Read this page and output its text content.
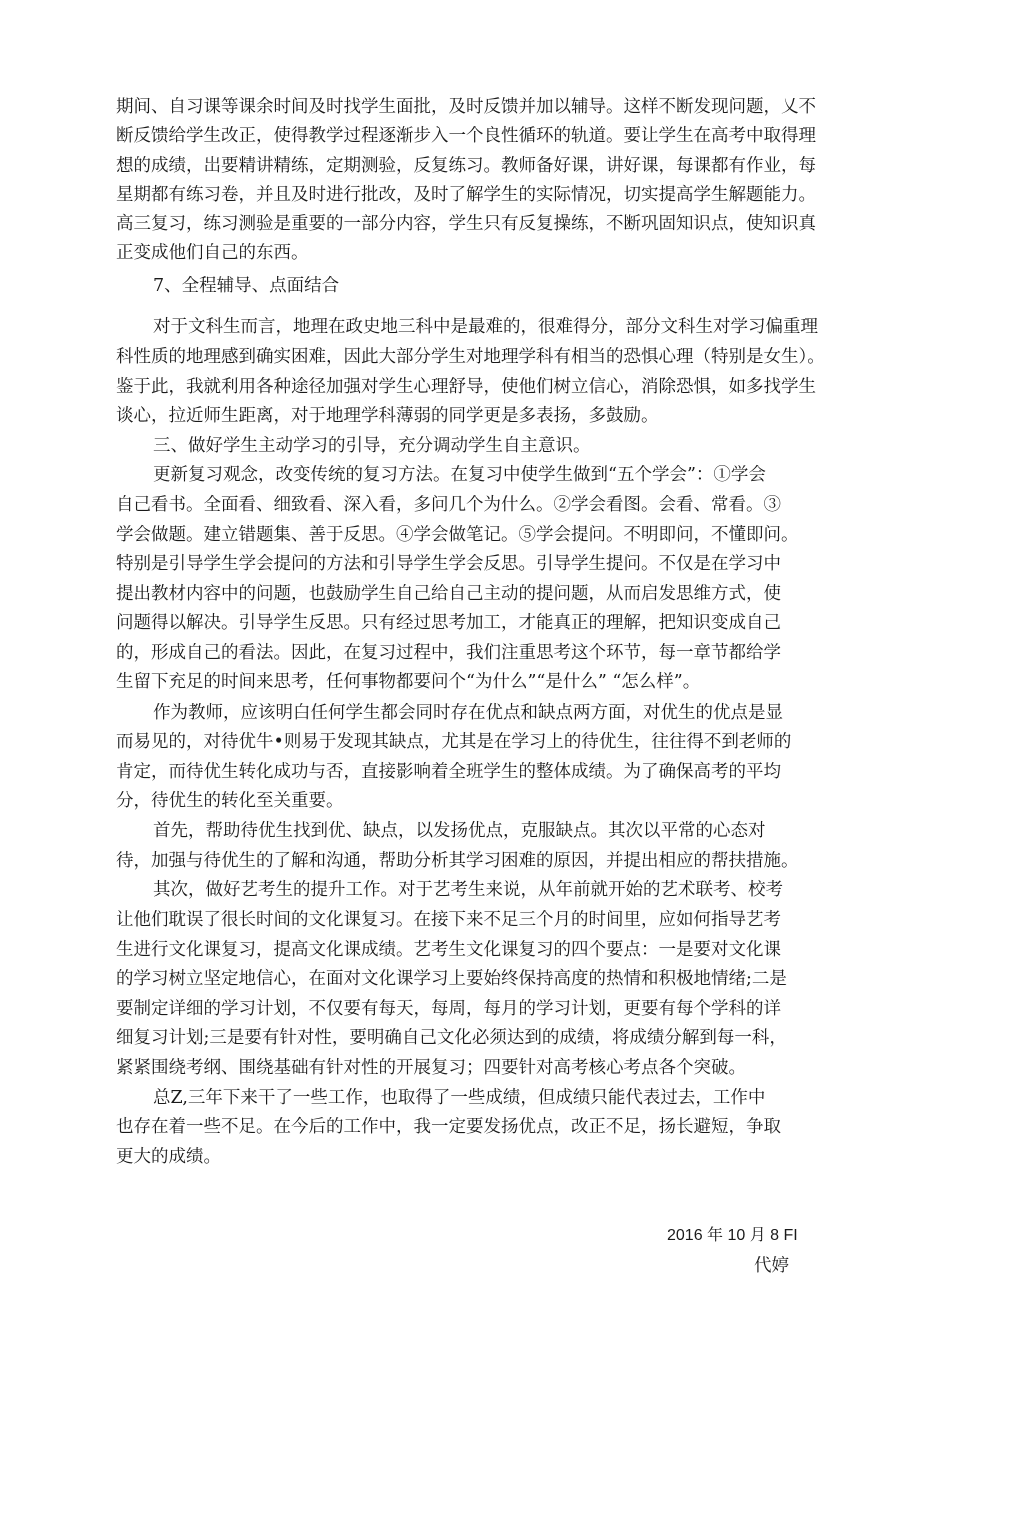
期间、自习课等课余时间及时找学生面批，及时反馈并加以辅导。这样不断发现问题，乂不
断反馈给学生改正，使得教学过程逐渐步入一个良性循环的轨道。要让学生在高考中取得理
想的成绩，岀要精讲精练，定期测验，反复练习。教师备好课，讲好课，每课都有作业，每
星期都有练习卷，并且及时进行批改，及时了解学生的实际情况，切实提高学生解题能力。
高三复习，练习测验是重要的一部分内容，学生只有反复操练，不断巩固知识点，使知识真
正变成他们自己的东西。
7、全程辅导、点面结合
对于文科生而言，地理在政史地三科中是最难的，很难得分，部分文科生对学习偏重理
科性质的地理感到确实困难，因此大部分学生对地理学科有相当的恐惧心理（特别是女生）。
鉴于此，我就利用各种途径加强对学生心理舒导，使他们树立信心，消除恐惧，如多找学生
谈心，拉近师生距离，对于地理学科薄弱的同学更是多表扬，多鼓励。
三、做好学生主动学习的引导，充分调动学生自主意识。
更新复习观念，改变传统的复习方法。在复习中使学生做到“五个学会”：①学会
自己看书。全面看、细致看、深入看，多问几个为什么。②学会看图。会看、常看。③
学会做题。建立错题集、善于反思。④学会做笔记。⑤学会提问。不明即问，不懂即问。
特别是引导学生学会提问的方法和引导学生学会反思。引导学生提问。不仅是在学习中
提出教材内容中的问题，也鼓励学生自己给自己主动的提问题，从而启发思维方式，使
问题得以解决。引导学生反思。只有经过思考加工，才能真正的理解，把知识变成自己
的，形成自己的看法。因此，在复习过程中，我们注重思考这个环节，每一章节都给学
生留下充足的时间来思考，任何事物都要问个“为什么”“是什么” “怎么样”。
作为教师，应该明白任何学生都会同时存在优点和缺点两方面，对优生的优点是显
而易见的，对待优牛•则易于发现其缺点，尤其是在学习上的待优生，往往得不到老师的
肯定，而待优生转化成功与否，直接影响着全班学生的整体成绩。为了确保高考的平均
分，待优生的转化至关重要。
首先，帮助待优生找到优、缺点，以发扬优点，克服缺点。其次以平常的心态对
待，加强与待优生的了解和沟通，帮助分析其学习困难的原因，并提出相应的帮扶措施。
其次，做好艺考生的提升工作。对于艺考生来说，从年前就开始的艺术联考、校考
让他们耽误了很长时间的文化课复习。在接下来不足三个月的时间里，应如何指导艺考
生进行文化课复习，提高文化课成绩。艺考生文化课复习的四个要点：一是要对文化课
的学习树立坚定地信心，在面对文化课学习上要始终保持高度的热情和积极地情绪;二是
要制定详细的学习计划，不仅要有每天，每周，每月的学习计划，更要有每个学科的详
细复习计划;三是要有针对性，要明确自己文化必须达到的成绩，将成绩分解到每一科，
紧紧围绕考纲、围绕基础有针对性的开展复习；四要针对高考核心考点各个突破。
总Z,三年下来干了一些工作，也取得了一些成绩，但成绩只能代表过去，工作中
也存在着一些不足。在今后的工作中，我一定要发扬优点，改正不足，扬长避短，争取
更大的成绩。
2016 年 10 月 8 FI
代婷
